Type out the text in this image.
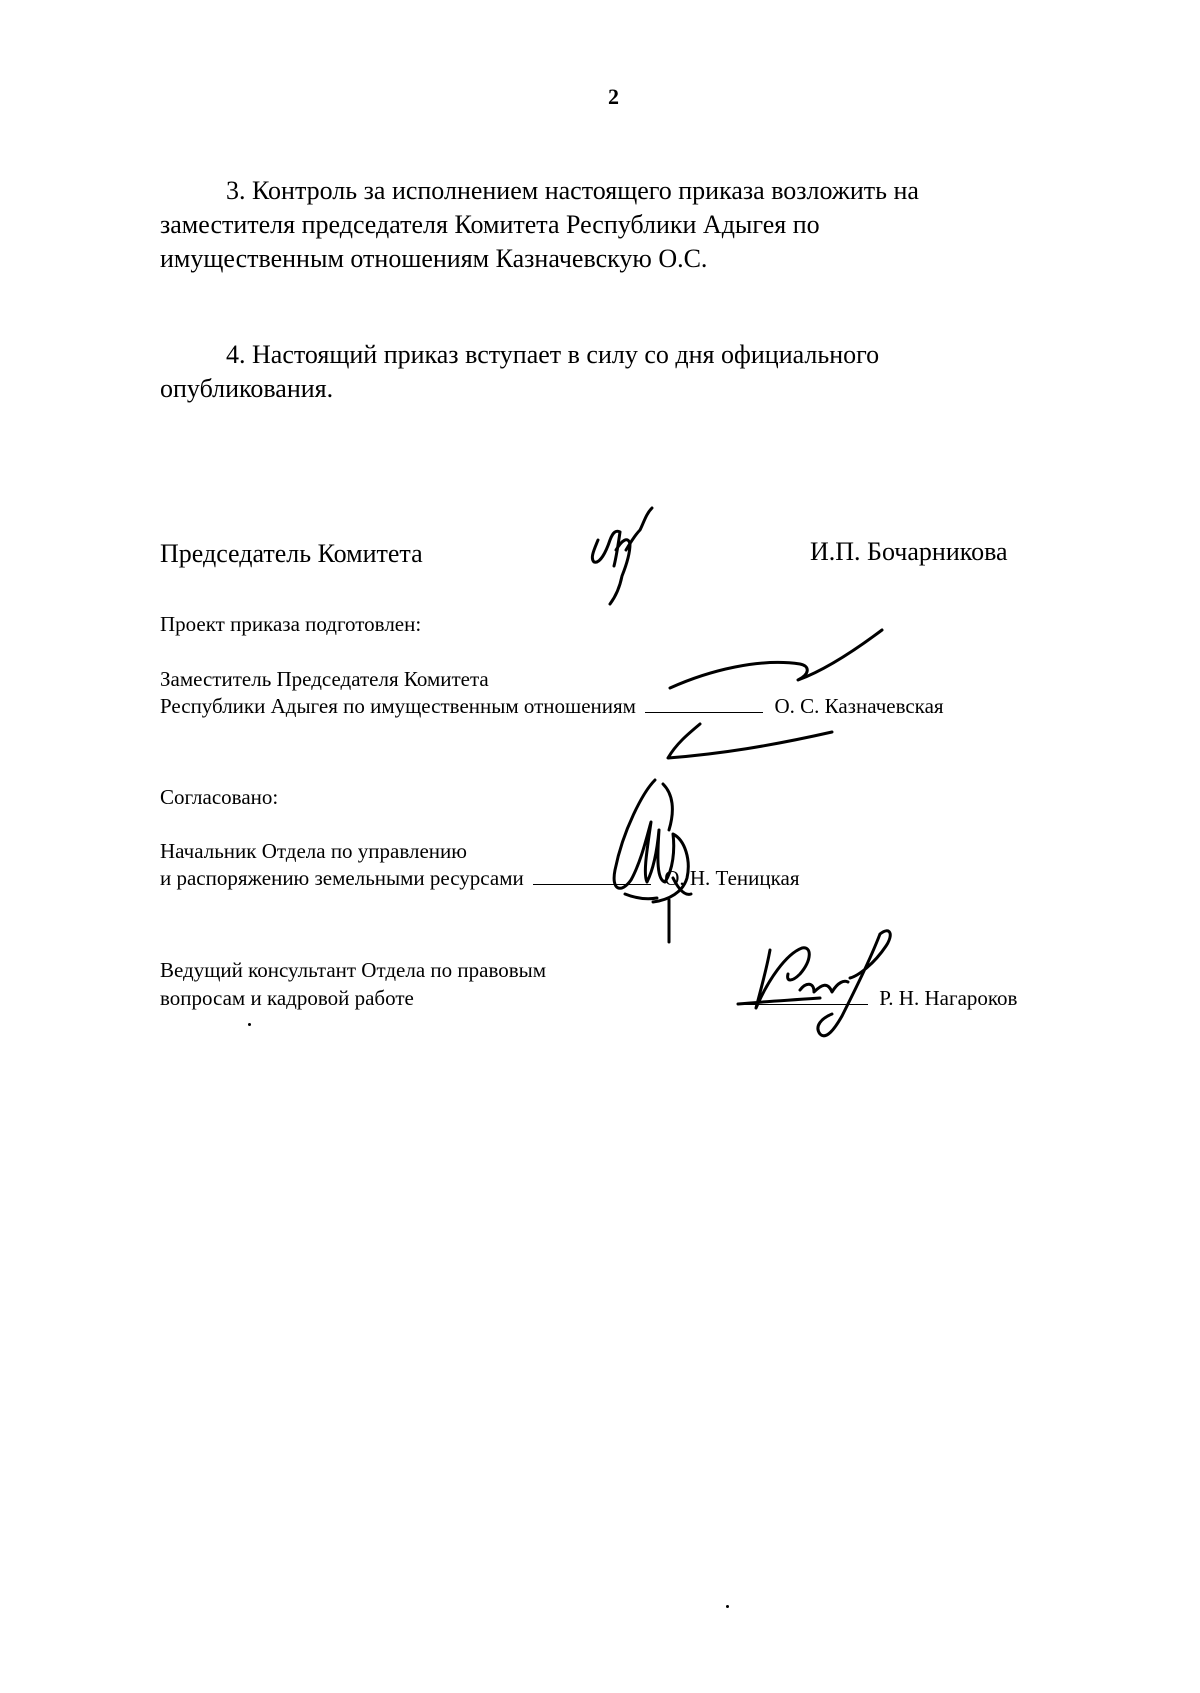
2
3. Контроль за исполнением настоящего приказа возложить на
заместителя председателя Комитета Республики Адыгея по
имущественным отношениям Казначевскую О.С.
4. Настоящий приказ вступает в силу со дня официального
опубликования.
Председатель Комитета	И.П. Бочарникова
Проект приказа подготовлен:
Заместитель Председателя Комитета
Республики Адыгея по имущественным отношениям	О. С. Казначевская
Согласовано:
Начальник Отдела по управлению
и распоряжению земельными ресурсами	О. Н. Теницкая
Ведущий консультант Отдела по правовым
вопросам и кадровой работе	Р. Н. Нагароков
